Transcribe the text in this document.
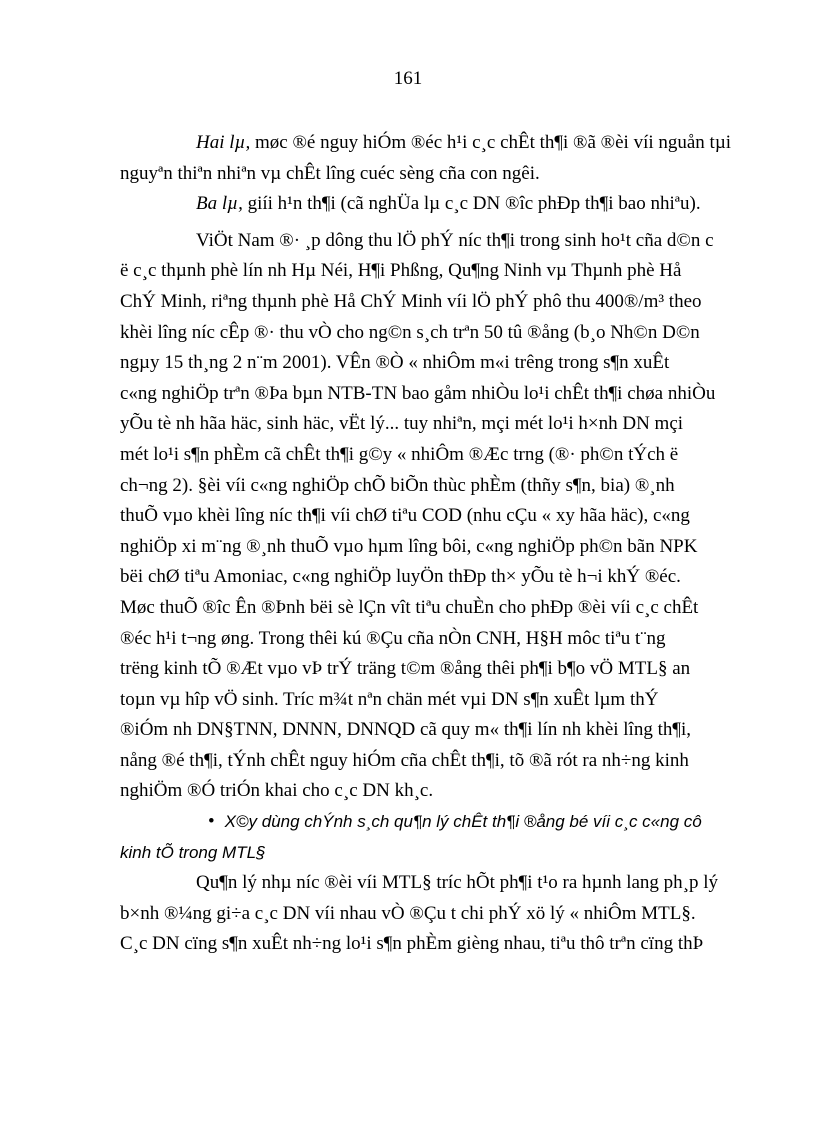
161
Hai lµ, møc ®é nguy hiÓm ®éc h¹i c¸c chÊt th¶i ®ã ®èi víi nguån tµi
nguyªn thiªn nhiªn vµ chÊt lîng cuéc sèng cña con ngêi.
Ba lµ, giíi h¹n th¶i (cã nghÜa lµ c¸c DN ®îc phÐp th¶i bao nhiªu).
ViÖt Nam ®· ¸p dông thu lÖ phÝ níc th¶i trong sinh ho¹t cña d©n c
ë c¸c thµnh phè lín nh Hµ Néi, H¶i Phßng, Qu¶ng Ninh vµ Thµnh phè Hå
ChÝ Minh, riªng thµnh phè Hå ChÝ Minh víi lÖ phÝ phô thu 400®/m³ theo
khèi lîng níc cÊp ®· thu vÒ cho ng©n s¸ch trªn 50 tû ®ång (b¸o Nh©n D©n
ngµy 15 th¸ng 2 n¨m 2001). VÊn ®Ò « nhiÔm m«i trêng trong s¶n xuÊt
c«ng nghiÖp trªn ®Þa bµn NTB-TN bao gåm nhiÒu lo¹i chÊt th¶i chøa nhiÒu
yÕu tè nh hãa häc, sinh häc, vËt lý... tuy nhiªn, mçi mét lo¹i h×nh DN mçi
mét lo¹i s¶n phÈm cã chÊt th¶i g©y « nhiÔm ®Æc trng (®· ph©n tÝch ë
ch¬ng 2). §èi víi c«ng nghiÖp chÕ biÕn thùc phÈm (thñy s¶n, bia) ®¸nh
thuÕ vµo khèi lîng níc th¶i víi chØ tiªu COD (nhu cÇu « xy hãa häc), c«ng
nghiÖp xi m¨ng ®¸nh thuÕ vµo hµm lîng bôi, c«ng nghiÖp ph©n bãn NPK
bëi chØ tiªu Amoniac, c«ng nghiÖp luyÖn thÐp th× yÕu tè h¬i khÝ ®éc.
Møc thuÕ ®îc Ên ®Þnh bëi sè lÇn vît tiªu chuÈn cho phÐp ®èi víi c¸c chÊt
®éc h¹i t¬ng øng. Trong thêi kú ®Çu cña nÒn CNH, H§H môc tiªu t¨ng
trëng kinh tÕ ®Æt vµo vÞ trÝ träng t©m ®ång thêi ph¶i b¶o vÖ MTL§ an
toµn vµ hîp vÖ sinh. Tríc m¾t nªn chän mét vµi DN s¶n xuÊt lµm thÝ
®iÓm nh DN§TNN, DNNN, DNNQD cã quy m« th¶i lín nh khèi lîng th¶i,
nång ®é th¶i, tÝnh chÊt nguy hiÓm cña chÊt th¶i, tõ ®ã rót ra nh÷ng kinh
nghiÖm ®Ó triÓn khai cho c¸c DN kh¸c.
• X©y dùng chÝnh s¸ch qu¶n lý chÊt th¶i ®ång bé víi c¸c c«ng cô
kinh tÕ trong MTL§
Qu¶n lý nhµ níc ®èi víi MTL§ tríc hÕt ph¶i t¹o ra hµnh lang ph¸p lý
b×nh ®¼ng gi÷a c¸c DN víi nhau vÒ ®Çu t chi phÝ xö lý « nhiÔm MTL§.
C¸c DN cïng s¶n xuÊt nh÷ng lo¹i s¶n phÈm gièng nhau, tiªu thô trªn cïng thÞ
